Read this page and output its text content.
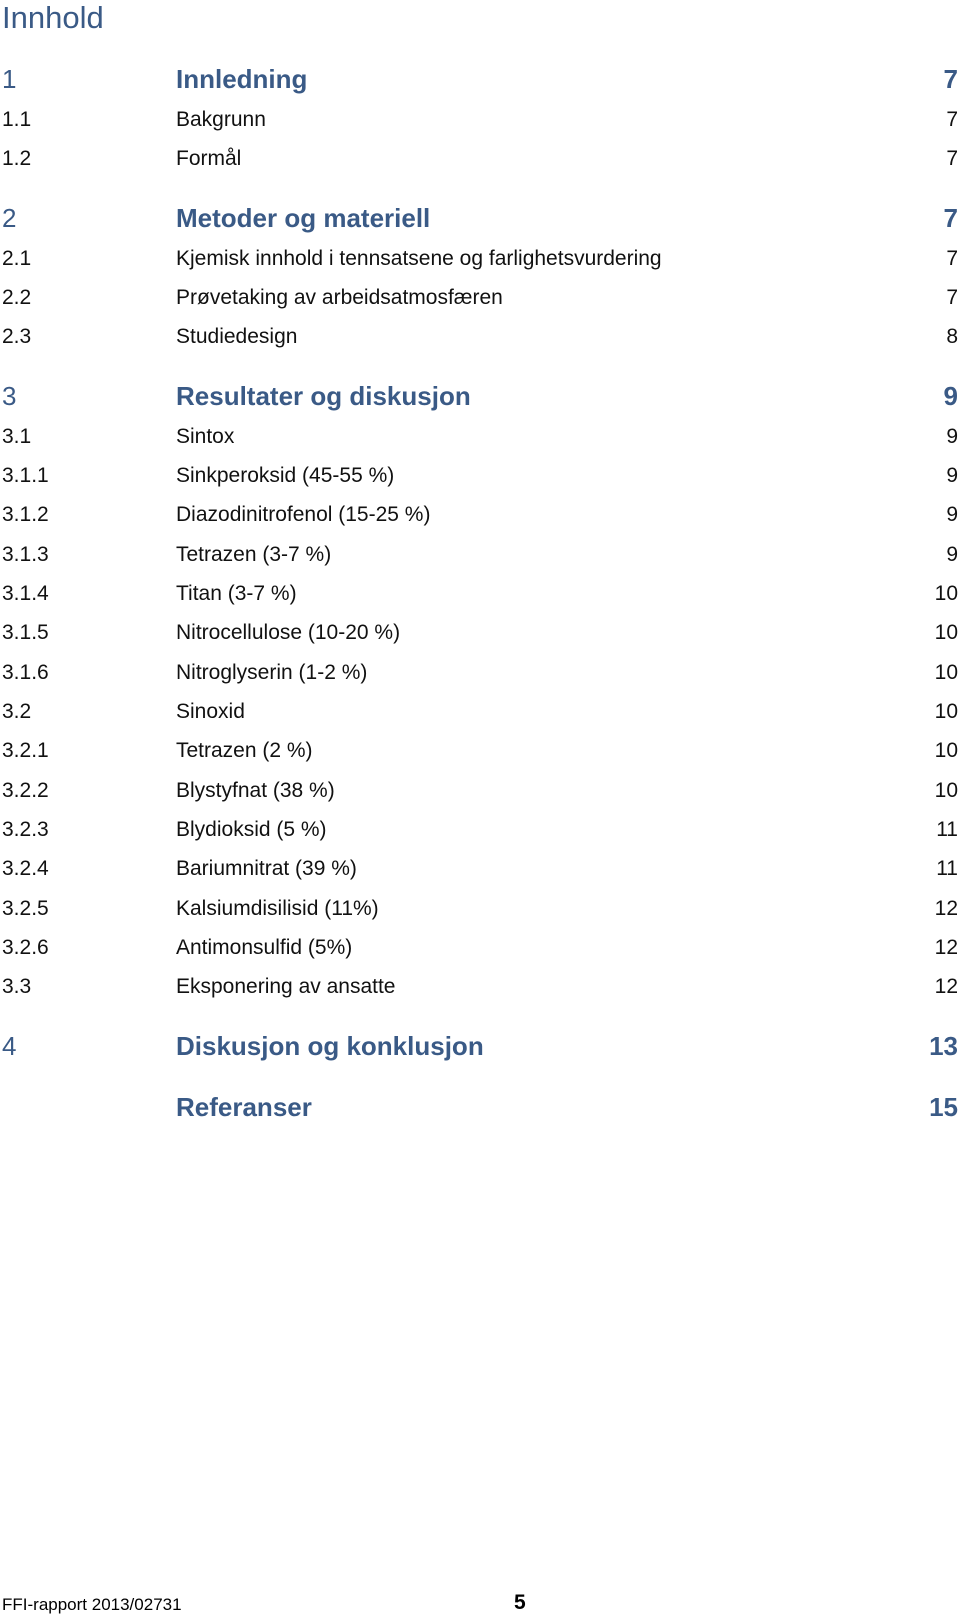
Innhold
1	Innledning	7
1.1	Bakgrunn	7
1.2	Formål	7
2	Metoder og materiell	7
2.1	Kjemisk innhold i tennsatsene og farlighetsvurdering	7
2.2	Prøvetaking av arbeidsatmosfæren	7
2.3	Studiedesign	8
3	Resultater og diskusjon	9
3.1	Sintox	9
3.1.1	Sinkperoksid (45-55 %)	9
3.1.2	Diazodinitrofenol (15-25 %)	9
3.1.3	Tetrazen (3-7 %)	9
3.1.4	Titan (3-7 %)	10
3.1.5	Nitrocellulose (10-20 %)	10
3.1.6	Nitroglyserin (1-2 %)	10
3.2	Sinoxid	10
3.2.1	Tetrazen (2 %)	10
3.2.2	Blystyfnat (38 %)	10
3.2.3	Blydioksid (5 %)	11
3.2.4	Bariumnitrat (39 %)	11
3.2.5	Kalsiumdisilisid (11%)	12
3.2.6	Antimonsulfid (5%)	12
3.3	Eksponering av ansatte	12
4	Diskusjon og konklusjon	13
Referanser	15
FFI-rapport 2013/02731	5
